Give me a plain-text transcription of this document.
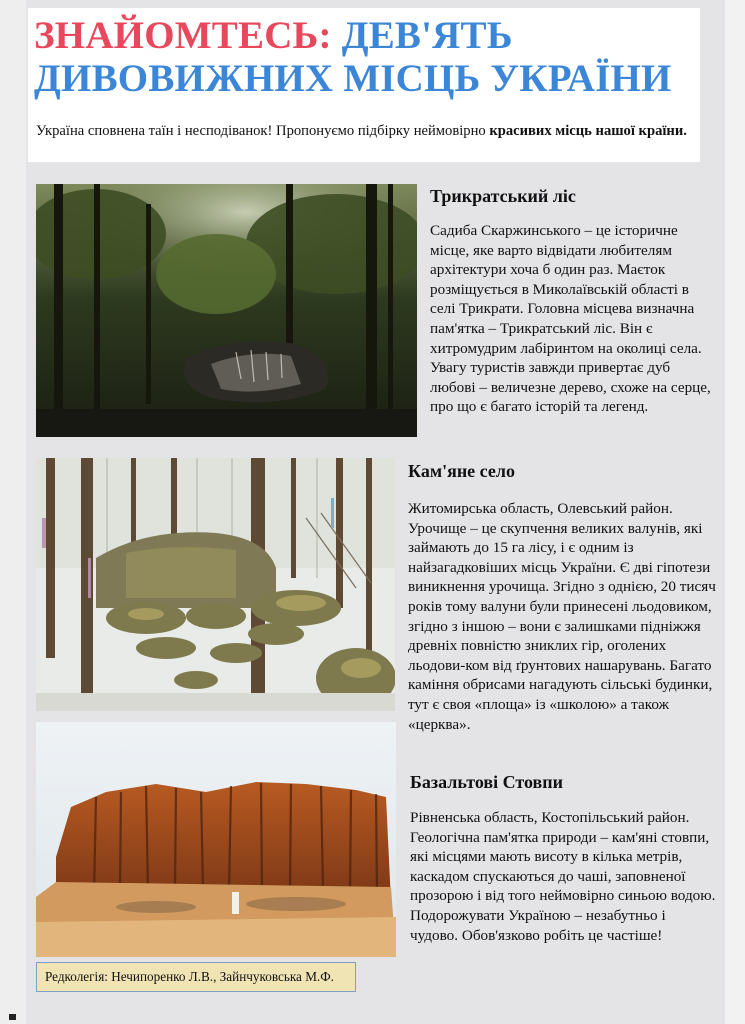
ЗНАЙОМТЕСЬ: ДЕВ'ЯТЬ
ДИВОВИЖНИХ МІСЦЬ УКРАЇНИ

Україна сповнена таїн і несподіванок! Пропонуємо підбірку неймовірно красивих місць нашої країни.

Трикратський ліс

Садиба Скаржинського – це історичне місце, яке варто відвідати любителям архітектури хоча б один раз. Маєток розміщується в Миколаївській області в селі Трикрати. Головна місцева визначна пам'ятка – Трикратський ліс. Він є хитромудрим лабіринтом на околиці села. Увагу туристів завжди привертає дуб любові – величезне дерево, схоже на серце, про що є багато історій та легенд.

Кам'яне село

Житомирська область, Олевський район. Урочище – це скупчення великих валунів, які займають до 15 га лісу, і є одним із найзагадковіших місць України. Є дві гіпотези виникнення урочища. Згідно з однією, 20 тисяч років тому валуни були принесені льодовиком, згідно з іншою – вони є залишками підніжжя древніх повністю зниклих гір, оголених льодови-ком від ґрунтових нашарувань. Багато каміння обрисами нагадують сільські будинки, тут є своя «площа» із «школою» а також «церква».

Базальтові Стовпи

Рівненська область, Костопільський район. Геологічна пам'ятка природи – кам'яні стовпи, які місцями мають висоту в кілька метрів, каскадом спускаються до чаші, заповненої прозорою і від того неймовірно синьою водою. Подорожувати Україною – незабутньо і чудово. Обов'язково робіть це частіше!

Редколегія: Нечипоренко Л.В., Зайнчуковська М.Ф.
